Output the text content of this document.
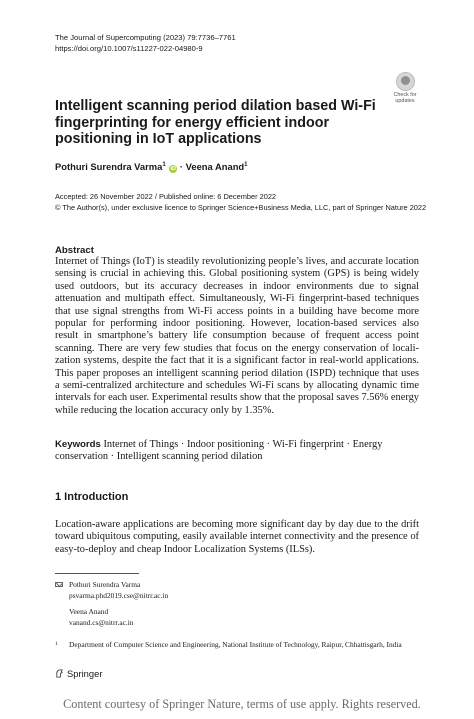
The Journal of Supercomputing (2023) 79:7736–7761
https://doi.org/10.1007/s11227-022-04980-9
Check for
updates
Intelligent scanning period dilation based Wi-Fi fingerprinting for energy efficient indoor positioning in IoT applications
Pothuri Surendra Varma$^1$ iD · Veena Anand$^1$
Accepted: 26 November 2022 / Published online: 6 December 2022
© The Author(s), under exclusive licence to Springer Science+Business Media, LLC, part of Springer Nature 2022
Abstract
Internet of Things (IoT) is steadily revolutionizing people’s lives, and accurate location sensing is crucial in achieving this. Global positioning system (GPS) is being widely used outdoors, but its accuracy decreases in indoor environments due to signal attenuation and multipath effect. Simultaneously, Wi-Fi fingerprint-based techniques that use signal strengths from Wi-Fi access points in a building have become more popular for performing indoor positioning. However, location-based services also result in smartphone’s battery life consumption because of frequent access point scanning. There are very few studies that focus on the energy conservation of localization systems, despite the fact that it is a significant factor in real-world applications. This paper proposes an intelligent scanning period dilation (ISPD) technique that uses a semi-centralized architecture and schedules Wi-Fi scans by allocating dynamic time intervals for each user. Experimental results show that the proposal saves 7.56% energy while reducing the location accuracy only by 1.35%.
Keywords Internet of Things · Indoor positioning · Wi-Fi fingerprint · Energy conservation · Intelligent scanning period dilation
1 Introduction
Location-aware applications are becoming more significant day by day due to the drift toward ubiquitous computing, easily available internet connectivity and the presence of easy-to-deploy and cheap Indoor Localization Systems (ILSs).
Pothuri Surendra Varma
psvarma.phd2019.cse@nitrr.ac.in
Veena Anand
vanand.cs@nitrr.ac.in
1 Department of Computer Science and Engineering, National Institute of Technology, Raipur, Chhattisgarh, India
Springer
Content courtesy of Springer Nature, terms of use apply. Rights reserved.
